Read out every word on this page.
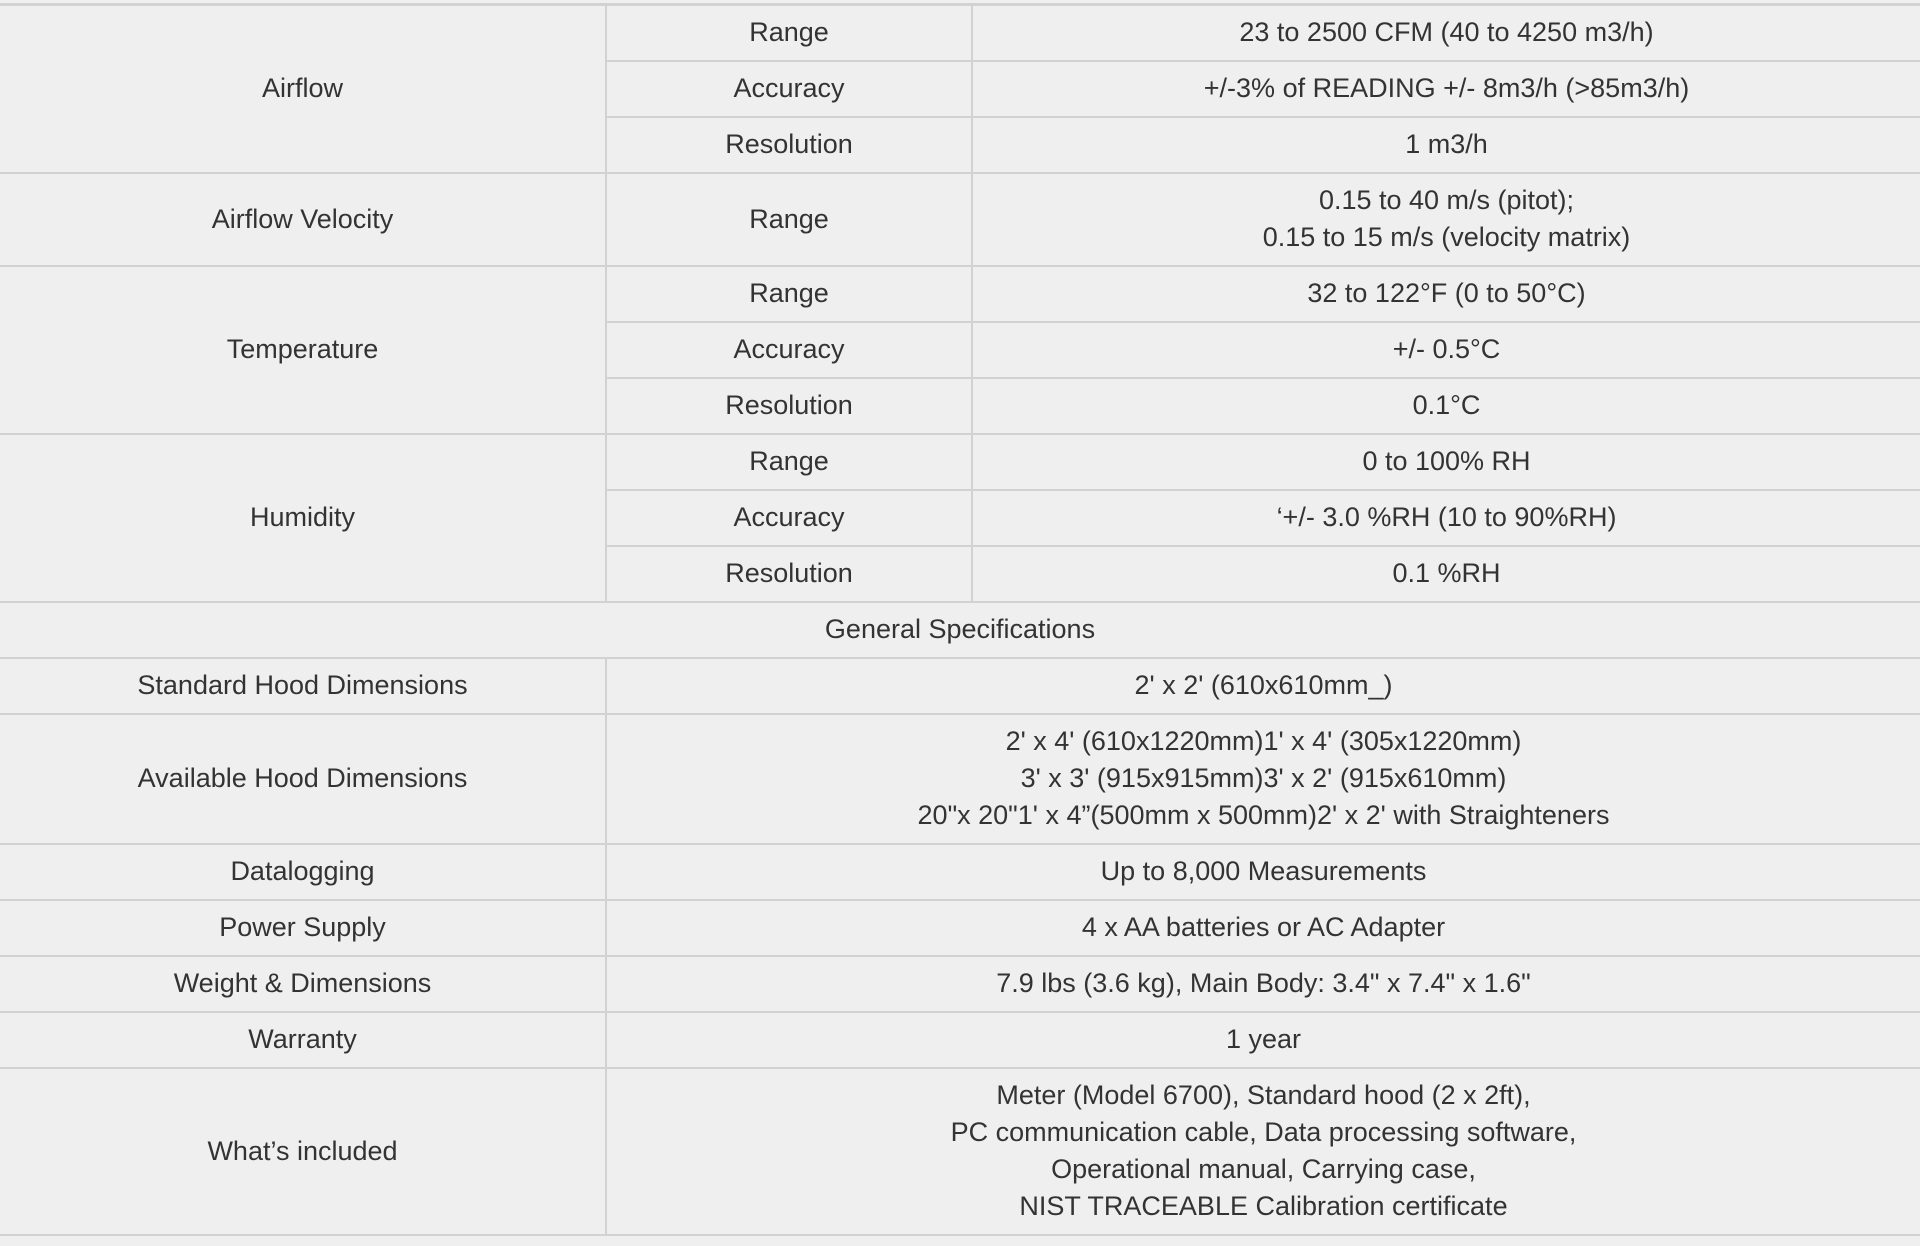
Airflow	Range	23 to 2500 CFM (40 to 4250 m3/h)
	Accuracy	+/-3% of READING +/- 8m3/h (>85m3/h)
	Resolution	1 m3/h
Airflow Velocity	Range	0.15 to 40 m/s (pitot);
0.15 to 15 m/s (velocity matrix)

Temperature	Range	32 to 122°F (0 to 50°C)
	Accuracy	+/- 0.5°C
	Resolution	0.1°C
Humidity	Range	0 to 100% RH
	Accuracy	‘+/- 3.0 %RH (10 to 90%RH)
	Resolution	0.1 %RH
General Specifications		
Standard Hood Dimensions	2' x 2' (610x610mm_)	
Available Hood Dimensions	2' x 4' (610x1220mm)1' x 4' (305x1220mm)
3' x 3' (915x915mm)3' x 2' (915x610mm)
20"x 20"1' x 4”(500mm x 500mm)2' x 2' with Straighteners	

Datalogging	Up to 8,000 Measurements	
Power Supply	4 x AA batteries or AC Adapter	
Weight & Dimensions	7.9 lbs (3.6 kg), Main Body: 3.4" x 7.4" x 1.6"	
Warranty	1 year	
What’s included	Meter (Model 6700), Standard hood (2 x 2ft),
PC communication cable, Data processing software,
Operational manual, Carrying case,
NIST TRACEABLE Calibration certificate	
